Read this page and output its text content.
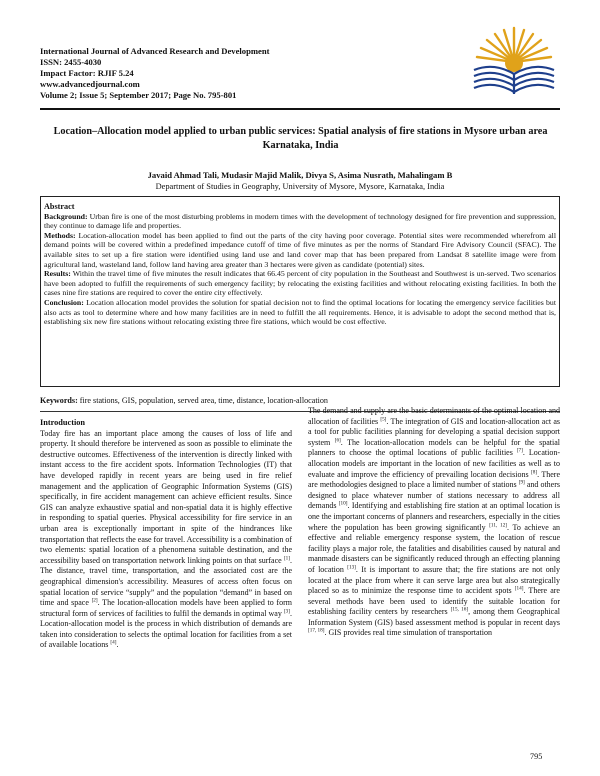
International Journal of Advanced Research and Development
ISSN: 2455-4030
Impact Factor: RJIF 5.24
www.advancedjournal.com
Volume 2; Issue 5; September 2017; Page No. 795-801
Location–Allocation model applied to urban public services: Spatial analysis of fire stations in Mysore urban area Karnataka, India
Javaid Ahmad Tali, Mudasir Majid Malik, Divya S, Asima Nusrath, Mahalingam B
Department of Studies in Geography, University of Mysore, Mysore, Karnataka, India

Abstract

Background: Urban fire is one of the most disturbing problems in modern times with the development of technology designed for fire prevention and suppression, they continue to damage life and properties.

Methods: Location-allocation model has been applied to find out the parts of the city having poor coverage. Potential sites were recommended wherefrom all demand points will be covered within a predefined impedance cutoff of time of five minutes as per the norms of Standard Fire Advisory Council (SFAC). The available sites to set up a fire station were identified using land use and land cover map that has been prepared from Landsat 8 satellite image were from agricultural land, wasteland land, follow land having area greater than 3 hectares were given as candidate (potential) sites.

Results: Within the travel time of five minutes the result indicates that 66.45 percent of city population in the Southeast and Southwest is un-served. Two scenarios have been adopted to fulfill the requirements of such emergency facility; by relocating the existing facilities and without relocating existing facilities. In both the cases nine fire stations are required to cover the entire city effectively.

Conclusion: Location allocation model provides the solution for spatial decision not to find the optimal locations for locating the emergency service facilities but also acts as tool to determine where and how many facilities are in need to fulfill the all requirements. Hence, it is advisable to adopt the second method that is, establishing six new fire stations without relocating existing three fire stations, which would be cost effective.

Keywords: fire stations, GIS, population, served area, time, distance, location-allocation
Introduction

Today fire has an important place among the causes of loss of life and property. It should therefore be intervened as soon as possible to eliminate the destructive outcomes. Effectiveness of the intervention is directly linked with instant access to the fire accident spots. Information Technologies (IT) that have developed rapidly in recent years are being used in fire relief management and the application of Geographic Information Systems (GIS) specifically, in fire accident management can achieve efficient results. Since GIS can analyze exhaustive spatial and non-spatial data it is highly effective in responding to spatial queries. Physical accessibility for fire service in an urban area is exceptionally important in spite of the hindrances like transportation that reflects the ease for travel. Accessibility is a combination of two elements: spatial location of a phenomena suitable destination, and the accessibility based on transportation network linking points on that surface [1]. The distance, travel time, transportation, and the associated cost are the geographical dimension's accessibility. Measures of access often focus on spatial location of service “supply” and the population “demand” in based on time and space [2]. The location-allocation models have been applied to form structural form of services of facilities to fulfil the demands in optimal way [3]. Location-allocation model is the process in which distribution of demands are taken into consideration to selects the optimal location for facilities from a set of available locations [4].

The demand and supply are the basic determinants of the optimal location and allocation of facilities [5]. The integration of GIS and location-allocation act as a tool for public facilities planning for developing a spatial decision support system [6]. The location-allocation models can be helpful for the spatial planners to choose the optimal locations of public facilities [7]. Location-allocation models are important in the location of new facilities as well as to evaluate and improve the efficiency of prevailing location decisions [8]. There are methodologies designed to place a limited number of stations [9] and others designed to place whatever number of stations necessary to address all demands [10]. Identifying and establishing fire station at an optimal location is one the important concerns of planners and researchers, especially in the cities where the population has been growing significantly [11, 12]. To achieve an effective and reliable emergency response system, the location of rescue facility plays a major role, the fatalities and disabilities caused by natural and manmade disasters can be significantly reduced through an effecting planning of location [13]. It is important to assure that; the fire stations are not only located at the place from where it can serve large area but also strategically placed so as to minimize the response time to accident spots [14]. There are several methods have been used to identify the suitable location for establishing facility centers by researchers [15, 16], among them Geographical Information System (GIS) based assessment method is popular in recent days [17, 18]. GIS provides real time simulation of transportation

795
